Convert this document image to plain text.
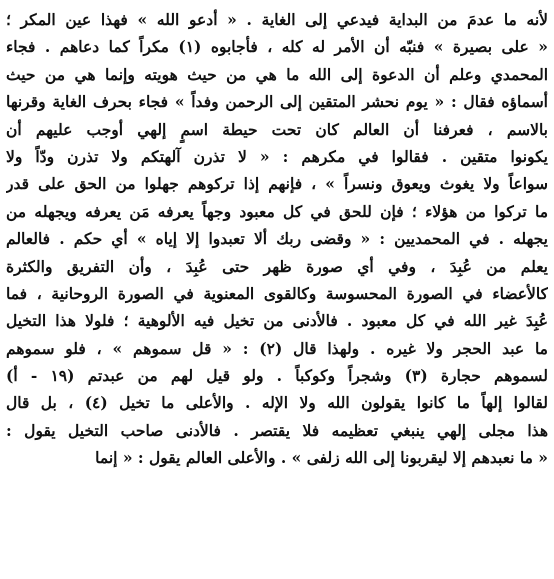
لأنه ما عدمَ من البداية فيدعي إلى الغاية . « أدعو الله » فهذا عين المكر ؛
« على بصيرة » فنبّه أن الأمر له كله ، فأجابوه (١) مكراً كما دعاهم . فجاء
المحمدي وعلم أن الدعوة إلى الله ما هي من حيث هويته وإنما هي من حيث
أسماؤه فقال : « يوم نحشر المتقين إلى الرحمن وفداً » فجاء بحرف الغاية وقرنها
بالاسم ، فعرفنا أن العالم كان تحت حيطة اسمٍ إلهي أوجب عليهم أن
يكونوا متقين . فقالوا في مكرهم : « لا تذرن آلهتكم ولا تذرن ودّاً ولا
سواعاً ولا يغوث ويعوق ونسراً » ، فإنهم إذا تركوهم جهلوا من الحق على قدر
ما تركوا من هؤلاء ؛ فإن للحق في كل معبود وجهاً يعرفه مَن يعرفه ويجهله من
يجهله . في المحمديين : « وقضى ربك ألا تعبدوا إلا إياه » أي حكم . فالعالم
يعلم من عُبِدَ ، وفي أي صورة ظهر حتى عُبِدَ ، وأن التفريق والكثرة
كالأعضاء في الصورة المحسوسة وكالقوى المعنوية في الصورة الروحانية ، فما
عُبِدَ غير الله في كل معبود . فالأدنى من تخيل فيه الألوهية ؛ فلولا هذا التخيل
ما عبد الحجر ولا غيره . ولهذا قال (٢) : « قل سموهم » ، فلو سموهم
لسموهم حجارة (٣) وشجراً وكوكباً . ولو قيل لهم من عبدتم (١٩ - أ)
لقالوا إلهاً ما كانوا يقولون الله ولا الإله . والأعلى ما تخيل (٤) ، بل قال
هذا مجلى إلهي ينبغي تعظيمه فلا يقتصر . فالأدنى صاحب التخيل يقول :
« ما نعبدهم إلا ليقربونا إلى الله زلفى » . والأعلى العالم يقول : « إنما
